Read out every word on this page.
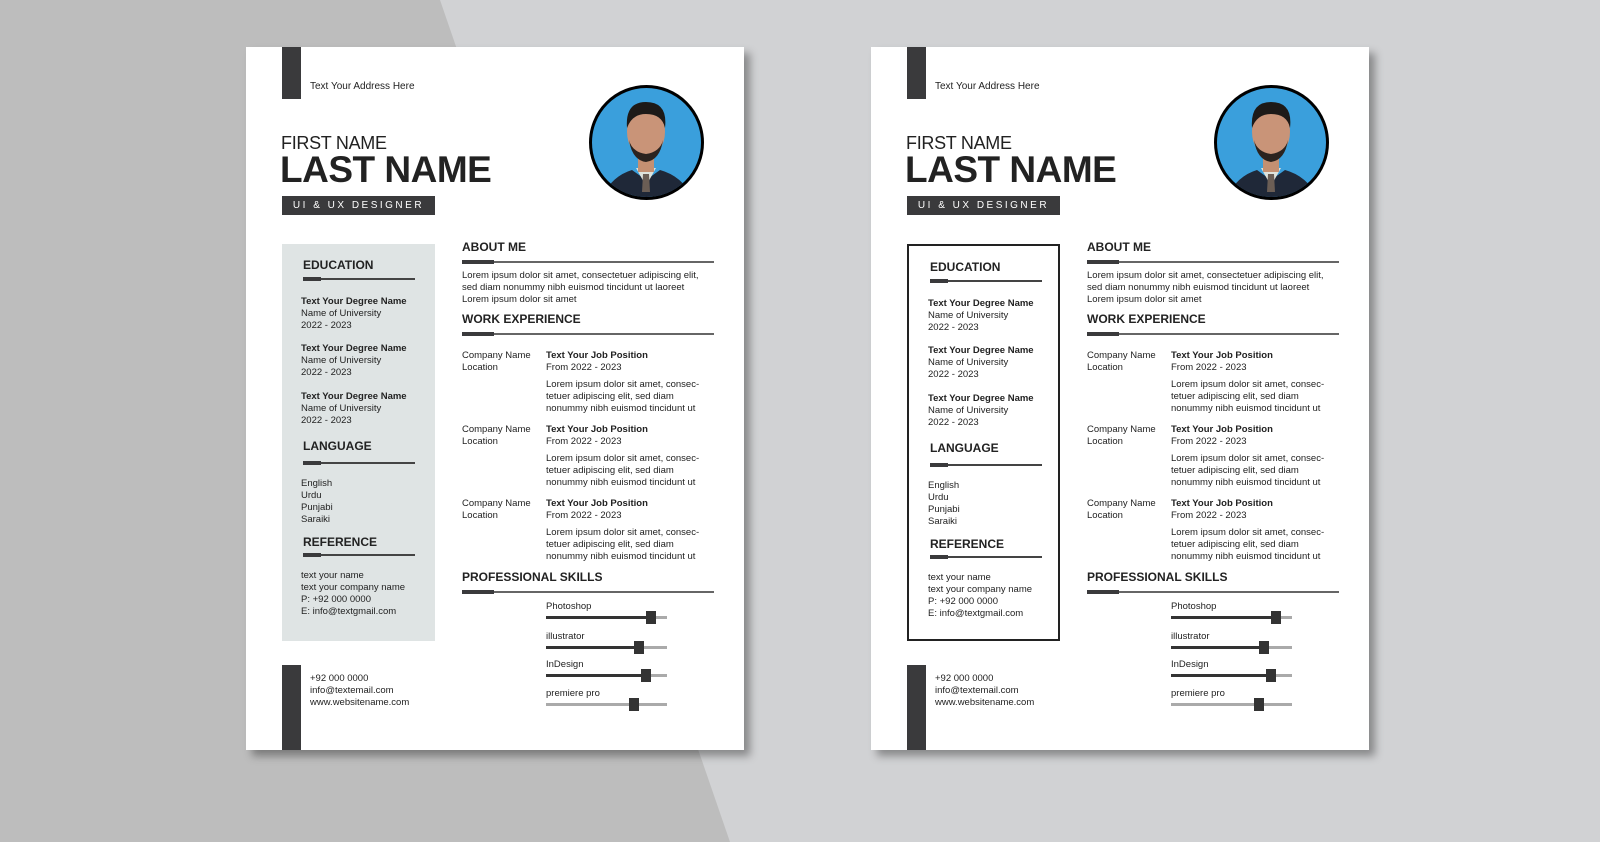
Text Your Address Here
FIRST NAME
LAST NAME
UI & UX DESIGNER
EDUCATION
Text Your Degree Name
Name of University
2022 - 2023
Text Your Degree Name
Name of University
2022 - 2023
Text Your Degree Name
Name of University
2022 - 2023
LANGUAGE
English
Urdu
Punjabi
Saraiki
REFERENCE
text your name
text your company name
P: +92 000 0000
E: info@textgmail.com
+92 000 0000
info@textemail.com
www.websitename.com
ABOUT ME
Lorem ipsum dolor sit amet, consectetuer adipiscing elit,
sed diam nonummy nibh euismod tincidunt ut laoreet
Lorem ipsum dolor sit amet
WORK EXPERIENCE
Company Name
Location
Text Your Job Position
From 2022 - 2023
Lorem ipsum dolor sit amet, consec-
tetuer adipiscing elit, sed diam
nonummy nibh euismod tincidunt ut
Company Name
Location
Text Your Job Position
From 2022 - 2023
Lorem ipsum dolor sit amet, consec-
tetuer adipiscing elit, sed diam
nonummy nibh euismod tincidunt ut
Company Name
Location
Text Your Job Position
From 2022 - 2023
Lorem ipsum dolor sit amet, consec-
tetuer adipiscing elit, sed diam
nonummy nibh euismod tincidunt ut
PROFESSIONAL SKILLS
Photoshop
illustrator
InDesign
premiere pro
Text Your Address Here
FIRST NAME
LAST NAME
UI & UX DESIGNER
EDUCATION
Text Your Degree Name
Name of University
2022 - 2023
Text Your Degree Name
Name of University
2022 - 2023
Text Your Degree Name
Name of University
2022 - 2023
LANGUAGE
English
Urdu
Punjabi
Saraiki
REFERENCE
text your name
text your company name
P: +92 000 0000
E: info@textgmail.com
+92 000 0000
info@textemail.com
www.websitename.com
ABOUT ME
Lorem ipsum dolor sit amet, consectetuer adipiscing elit,
sed diam nonummy nibh euismod tincidunt ut laoreet
Lorem ipsum dolor sit amet
WORK EXPERIENCE
Company Name
Location
Text Your Job Position
From 2022 - 2023
Lorem ipsum dolor sit amet, consec-
tetuer adipiscing elit, sed diam
nonummy nibh euismod tincidunt ut
Company Name
Location
Text Your Job Position
From 2022 - 2023
Lorem ipsum dolor sit amet, consec-
tetuer adipiscing elit, sed diam
nonummy nibh euismod tincidunt ut
Company Name
Location
Text Your Job Position
From 2022 - 2023
Lorem ipsum dolor sit amet, consec-
tetuer adipiscing elit, sed diam
nonummy nibh euismod tincidunt ut
PROFESSIONAL SKILLS
Photoshop
illustrator
InDesign
premiere pro
